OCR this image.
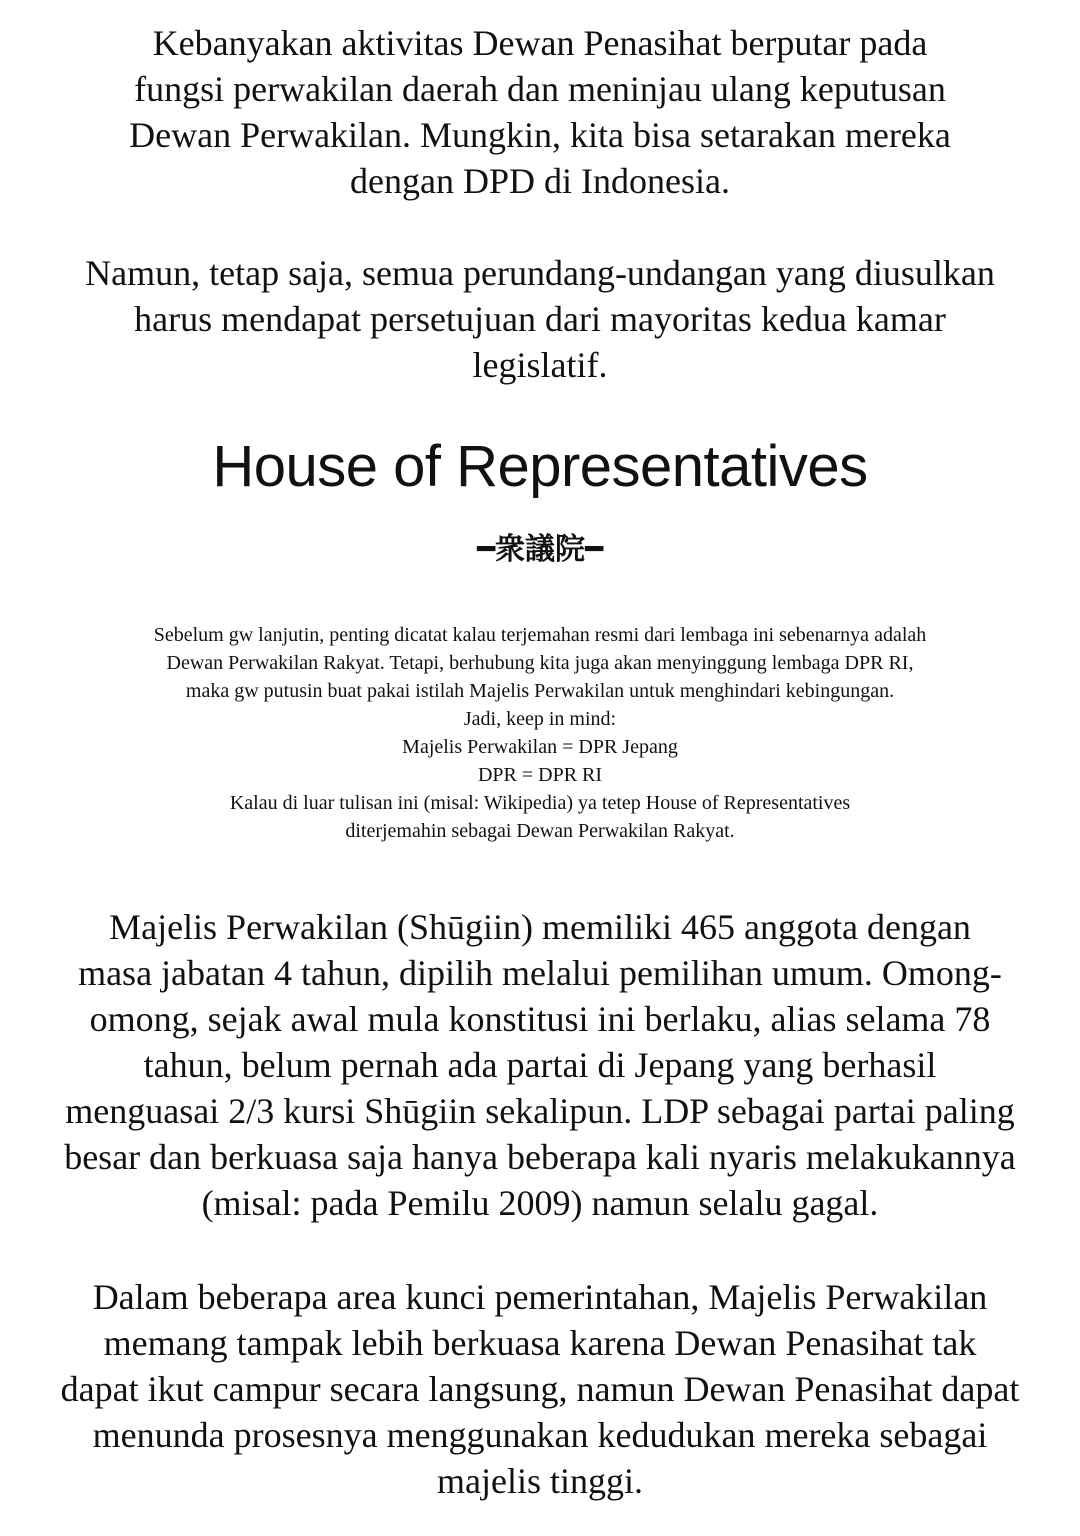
Kebanyakan aktivitas Dewan Penasihat berputar pada
fungsi perwakilan daerah dan meninjau ulang keputusan
Dewan Perwakilan. Mungkin, kita bisa setarakan mereka
dengan DPD di Indonesia.

Namun, tetap saja, semua perundang-undangan yang diusulkan
harus mendapat persetujuan dari mayoritas kedua kamar
legislatif.

House of Representatives
━衆議院━
Sebelum gw lanjutin, penting dicatat kalau terjemahan resmi dari lembaga ini sebenarnya adalah
Dewan Perwakilan Rakyat. Tetapi, berhubung kita juga akan menyinggung lembaga DPR RI,
maka gw putusin buat pakai istilah Majelis Perwakilan untuk menghindari kebingungan.
Jadi, keep in mind:
Majelis Perwakilan = DPR Jepang
DPR = DPR RI
Kalau di luar tulisan ini (misal: Wikipedia) ya tetep House of Representatives
diterjemahin sebagai Dewan Perwakilan Rakyat.

Majelis Perwakilan (Shūgiin) memiliki 465 anggota dengan
masa jabatan 4 tahun, dipilih melalui pemilihan umum. Omong-
omong, sejak awal mula konstitusi ini berlaku, alias selama 78
tahun, belum pernah ada partai di Jepang yang berhasil
menguasai 2/3 kursi Shūgiin sekalipun. LDP sebagai partai paling
besar dan berkuasa saja hanya beberapa kali nyaris melakukannya
(misal: pada Pemilu 2009) namun selalu gagal.

Dalam beberapa area kunci pemerintahan, Majelis Perwakilan
memang tampak lebih berkuasa karena Dewan Penasihat tak
dapat ikut campur secara langsung, namun Dewan Penasihat dapat
menunda prosesnya menggunakan kedudukan mereka sebagai
majelis tinggi.
